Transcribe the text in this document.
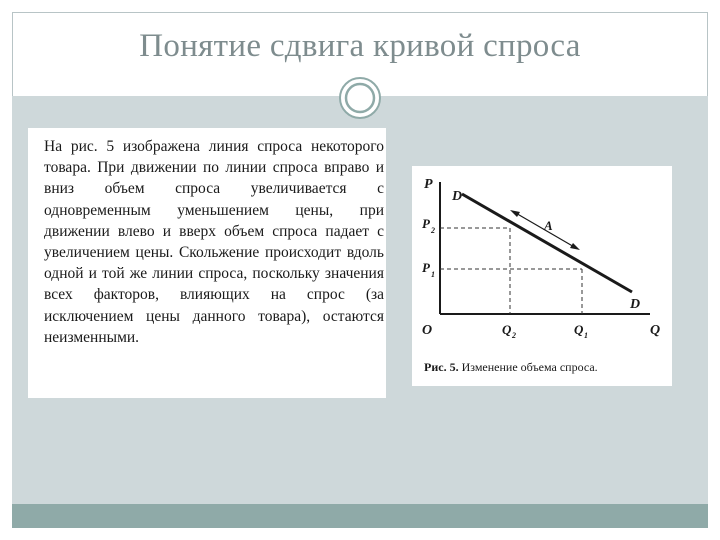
Понятие сдвига кривой спроса

На рис. 5 изображена линия спроса некоторого товара. При движении по линии спроса вправо и вниз объем спроса увеличивается с одновременным уменьшением цены, при движении влево и вверх объем спроса падает с увеличением цены. Скольжение происходит вдоль одной и той же линии спроса, поскольку значения всех факторов, влияющих на спрос (за исключением цены данного товара), остаются неизменными.

P
O	Q
D
D
A
P 2
P 1
Q 2	Q 1
Рис. 5. Изменение объема спроса.
